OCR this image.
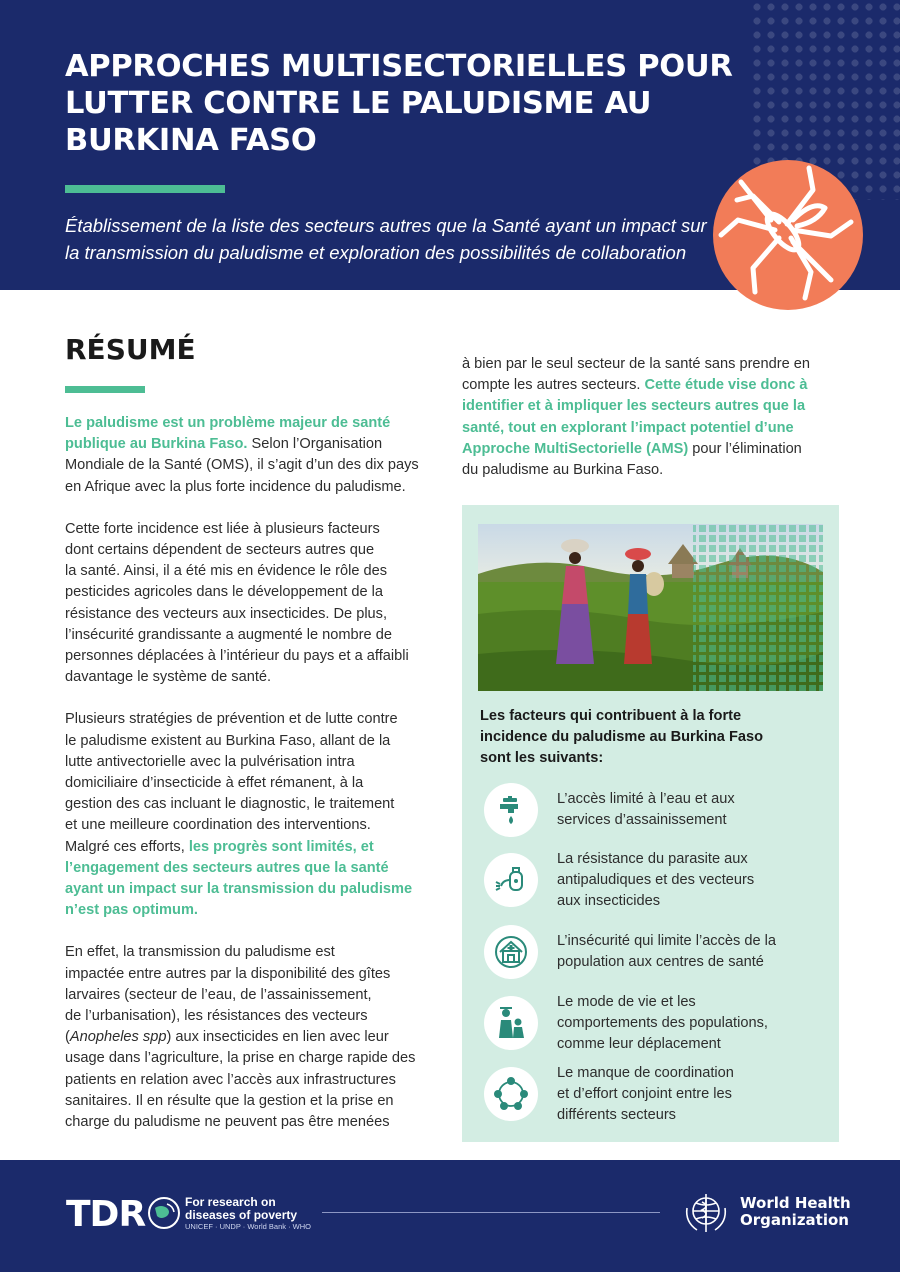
APPROCHES MULTISECTORIELLES POUR
LUTTER CONTRE LE PALUDISME AU
BURKINA FASO
Établissement de la liste des secteurs autres que la Santé ayant un impact sur
la transmission du paludisme et exploration des possibilités de collaboration
RÉSUMÉ

Le paludisme est un problème majeur de santé
publique au Burkina Faso. Selon l’Organisation
Mondiale de la Santé (OMS), il s’agit d’un des dix pays
en Afrique avec la plus forte incidence du paludisme.

Cette forte incidence est liée à plusieurs facteurs
dont certains dépendent de secteurs autres que
la santé. Ainsi, il a été mis en évidence le rôle des
pesticides agricoles dans le développement de la
résistance des vecteurs aux insecticides. De plus,
l’insécurité grandissante a augmenté le nombre de
personnes déplacées à l’intérieur du pays et a affaibli
davantage le système de santé.

Plusieurs stratégies de prévention et de lutte contre
le paludisme existent au Burkina Faso, allant de la
lutte antivectorielle avec la pulvérisation intra
domiciliaire d’insecticide à effet rémanent, à la
gestion des cas incluant le diagnostic, le traitement
et une meilleure coordination des interventions.
Malgré ces efforts, les progrès sont limités, et
l’engagement des secteurs autres que la santé
ayant un impact sur la transmission du paludisme
n’est pas optimum.

En effet, la transmission du paludisme est
impactée entre autres par la disponibilité des gîtes
larvaires (secteur de l’eau, de l’assainissement,
de l’urbanisation), les résistances des vecteurs
(Anopheles spp) aux insecticides en lien avec leur
usage dans l’agriculture, la prise en charge rapide des
patients en relation avec l’accès aux infrastructures
sanitaires. Il en résulte que la gestion et la prise en
charge du paludisme ne peuvent pas être menées

à bien par le seul secteur de la santé sans prendre en
compte les autres secteurs. Cette étude vise donc à
identifier et à impliquer les secteurs autres que la
santé, tout en explorant l’impact potentiel d’une
Approche MultiSectorielle (AMS) pour l’élimination
du paludisme au Burkina Faso.

Les facteurs qui contribuent à la forte
incidence du paludisme au Burkina Faso
sont les suivants:
L’accès limité à l’eau et aux
services d’assainissement
La résistance du parasite aux
antipaludiques et des vecteurs
aux insecticides
L’insécurité qui limite l’accès de la
population aux centres de santé
Le mode de vie et les
comportements des populations,
comme leur déplacement
Le manque de coordination
et d’effort conjoint entre les
différents secteurs
TDR	For research on
diseases of poverty
UNICEF · UNDP · World Bank · WHO
World Health
Organization
